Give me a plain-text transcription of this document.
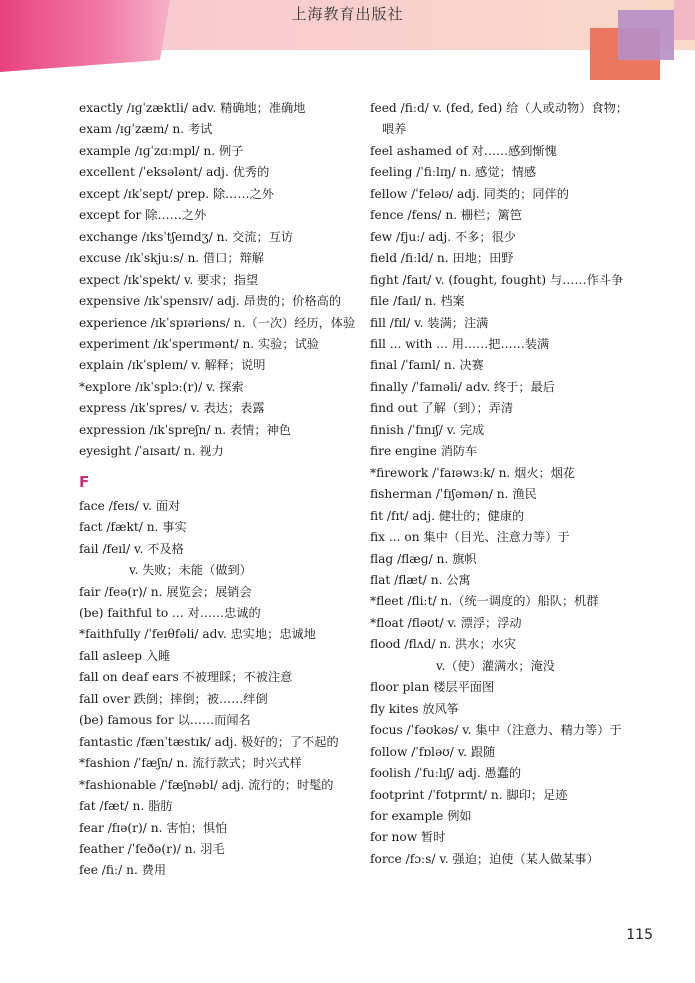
上海教育出版社
exactly /ɪɡˈzæktli/ adv. 精确地；准确地
exam /ɪɡˈzæm/ n. 考试
example /ɪɡˈzɑːmpl/ n. 例子
excellent /ˈeksələnt/ adj. 优秀的
except /ɪkˈsept/ prep. 除……之外
except for 除……之外
exchange /ɪksˈtʃeɪndʒ/ n. 交流；互访
excuse /ɪkˈskjuːs/ n. 借口；辩解
expect /ɪkˈspekt/ v. 要求；指望
expensive /ɪkˈspensɪv/ adj. 昂贵的；价格高的
experience /ɪkˈspɪəriəns/ n.（一次）经历，体验
experiment /ɪkˈsperɪmənt/ n. 实验；试验
explain /ɪkˈspleɪn/ v. 解释；说明
*explore /ɪkˈsplɔː(r)/ v. 探索
express /ɪkˈspres/ v. 表达；表露
expression /ɪkˈspreʃn/ n. 表情；神色
eyesight /ˈaɪsaɪt/ n. 视力
F
face /feɪs/ v. 面对
fact /fækt/ n. 事实
fail /feɪl/ v. 不及格
v. 失败；未能（做到）
fair /feə(r)/ n. 展览会；展销会
(be) faithful to ... 对……忠诚的
*faithfully /ˈfeɪθfəli/ adv. 忠实地；忠诚地
fall asleep 入睡
fall on deaf ears 不被理睬；不被注意
fall over 跌倒；摔倒；被……绊倒
(be) famous for 以……而闻名
fantastic /fænˈtæstɪk/ adj. 极好的；了不起的
*fashion /ˈfæʃn/ n. 流行款式；时兴式样
*fashionable /ˈfæʃnəbl/ adj. 流行的；时髦的
fat /fæt/ n. 脂肪
fear /fɪə(r)/ n. 害怕；惧怕
feather /ˈfeðə(r)/ n. 羽毛
fee /fiː/ n. 费用
feed /fiːd/ v. (fed, fed) 给（人或动物）食物；
喂养
feel ashamed of 对……感到惭愧
feeling /ˈfiːlɪŋ/ n. 感觉；情感
fellow /ˈfeləʊ/ adj. 同类的；同伴的
fence /fens/ n. 栅栏；篱笆
few /fjuː/ adj. 不多；很少
field /fiːld/ n. 田地；田野
fight /faɪt/ v. (fought, fought) 与……作斗争
file /faɪl/ n. 档案
fill /fɪl/ v. 装满；注满
fill ... with ... 用……把……装满
final /ˈfaɪnl/ n. 决赛
finally /ˈfaɪnəli/ adv. 终于；最后
find out 了解（到）；弄清
finish /ˈfɪnɪʃ/ v. 完成
fire engine 消防车
*firework /ˈfaɪəwɜːk/ n. 烟火；烟花
fisherman /ˈfɪʃəmən/ n. 渔民
fit /fɪt/ adj. 健壮的；健康的
fix ... on 集中（目光、注意力等）于
flag /flæɡ/ n. 旗帜
flat /flæt/ n. 公寓
*fleet /fliːt/ n.（统一调度的）船队；机群
*float /fləʊt/ v. 漂浮；浮动
flood /flʌd/ n. 洪水；水灾
v.（使）灌满水；淹没
floor plan 楼层平面图
fly kites 放风筝
focus /ˈfəʊkəs/ v. 集中（注意力、精力等）于
follow /ˈfɒləʊ/ v. 跟随
foolish /ˈfuːlɪʃ/ adj. 愚蠢的
footprint /ˈfʊtprɪnt/ n. 脚印；足迹
for example 例如
for now 暂时
force /fɔːs/ v. 强迫；迫使（某人做某事）
115
